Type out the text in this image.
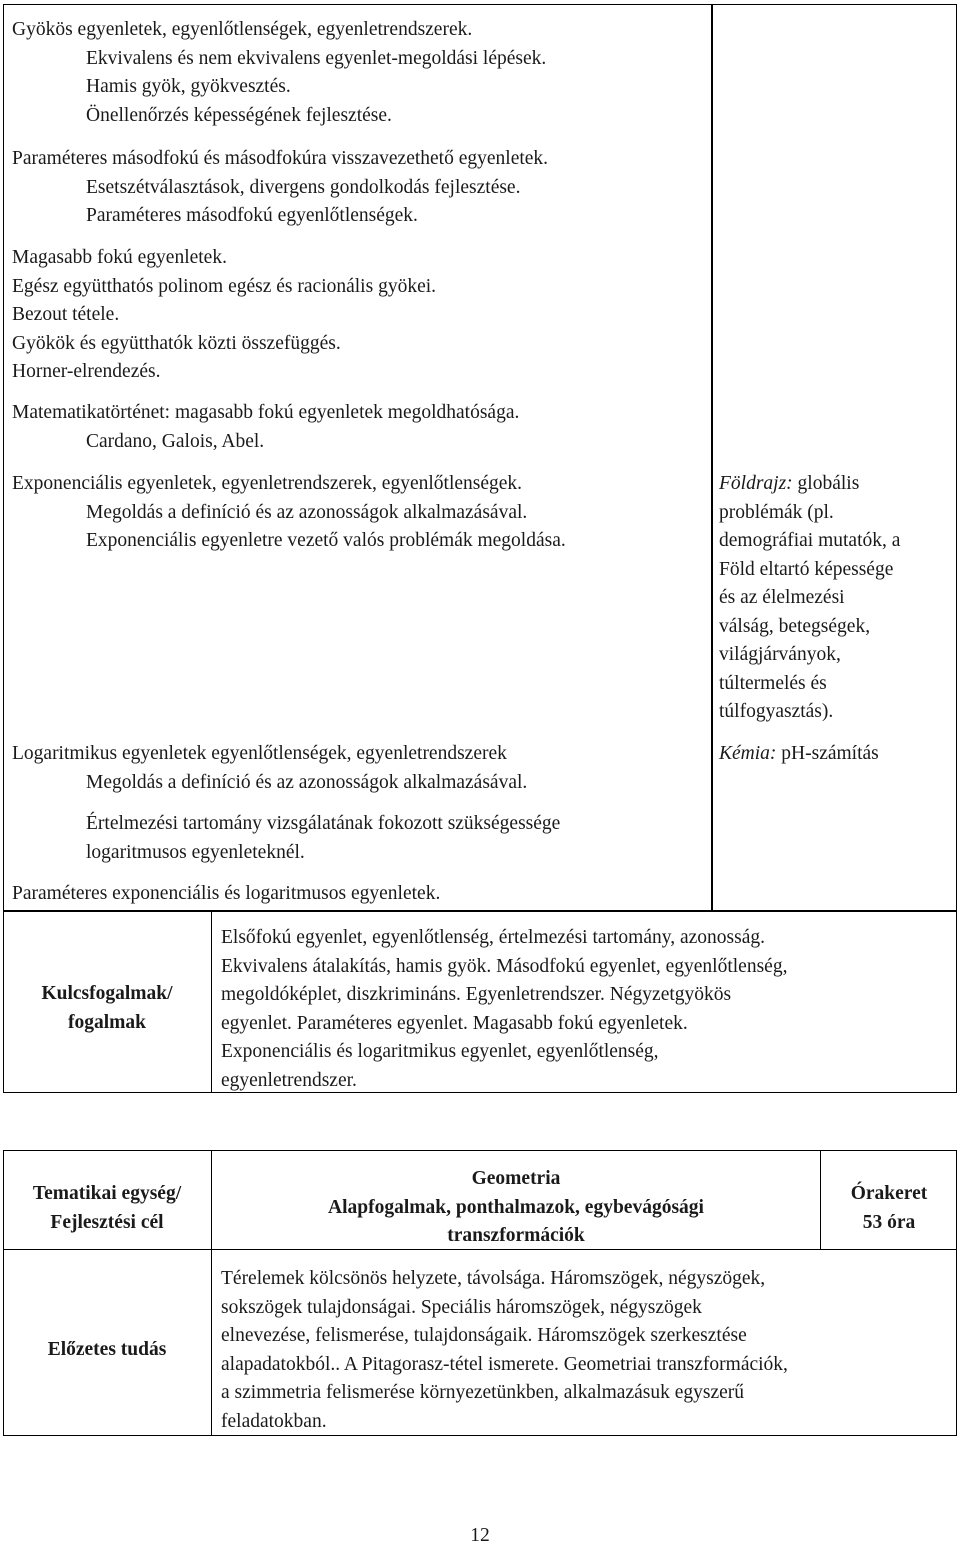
Gyökös egyenletek, egyenlőtlenségek, egyenletrendszerek.
Ekvivalens és nem ekvivalens egyenlet-megoldási lépések.
Hamis gyök, gyökvesztés.
Önellenőrzés képességének fejlesztése.
Paraméteres másodfokú és másodfokúra visszavezethető egyenletek.
Esetszétválasztások, divergens gondolkodás fejlesztése.
Paraméteres másodfokú egyenlőtlenségek.
Magasabb fokú egyenletek.
Egész együtthatós polinom egész és racionális gyökei.
Bezout tétele.
Gyökök és együtthatók közti összefüggés.
Horner-elrendezés.
Matematikatörténet: magasabb fokú egyenletek megoldhatósága.
Cardano, Galois, Abel.
Exponenciális egyenletek, egyenletrendszerek, egyenlőtlenségek.
Megoldás a definíció és az azonosságok alkalmazásával.
Exponenciális egyenletre vezető valós problémák megoldása.
Logaritmikus egyenletek egyenlőtlenségek, egyenletrendszerek
Megoldás a definíció és az azonosságok alkalmazásával.
Értelmezési tartomány vizsgálatának fokozott szükségessége
logaritmusos egyenleteknél.
Paraméteres exponenciális és logaritmusos egyenletek.
Földrajz: globális
problémák (pl.
demográfiai mutatók, a
Föld eltartó képessége
és az élelmezési
válság, betegségek,
világjárványok,
túltermelés és
túlfogyasztás).
Kémia: pH-számítás
Kulcsfogalmak/
fogalmak
Elsőfokú egyenlet, egyenlőtlenség, értelmezési tartomány, azonosság.
Ekvivalens átalakítás, hamis gyök. Másodfokú egyenlet, egyenlőtlenség,
megoldóképlet, diszkrimináns. Egyenletrendszer. Négyzetgyökös
egyenlet. Paraméteres egyenlet. Magasabb fokú egyenletek.
Exponenciális és logaritmikus egyenlet, egyenlőtlenség,
egyenletrendszer.
Tematikai egység/
Fejlesztési cél
Geometria
Alapfogalmak, ponthalmazok, egybevágósági
transzformációk
Órakeret
53 óra
Előzetes tudás
Térelemek kölcsönös helyzete, távolsága. Háromszögek, négyszögek,
sokszögek tulajdonságai. Speciális háromszögek, négyszögek
elnevezése, felismerése, tulajdonságaik. Háromszögek szerkesztése
alapadatokból.. A Pitagorasz-tétel ismerete. Geometriai transzformációk,
a szimmetria felismerése környezetünkben, alkalmazásuk egyszerű
feladatokban.
12
